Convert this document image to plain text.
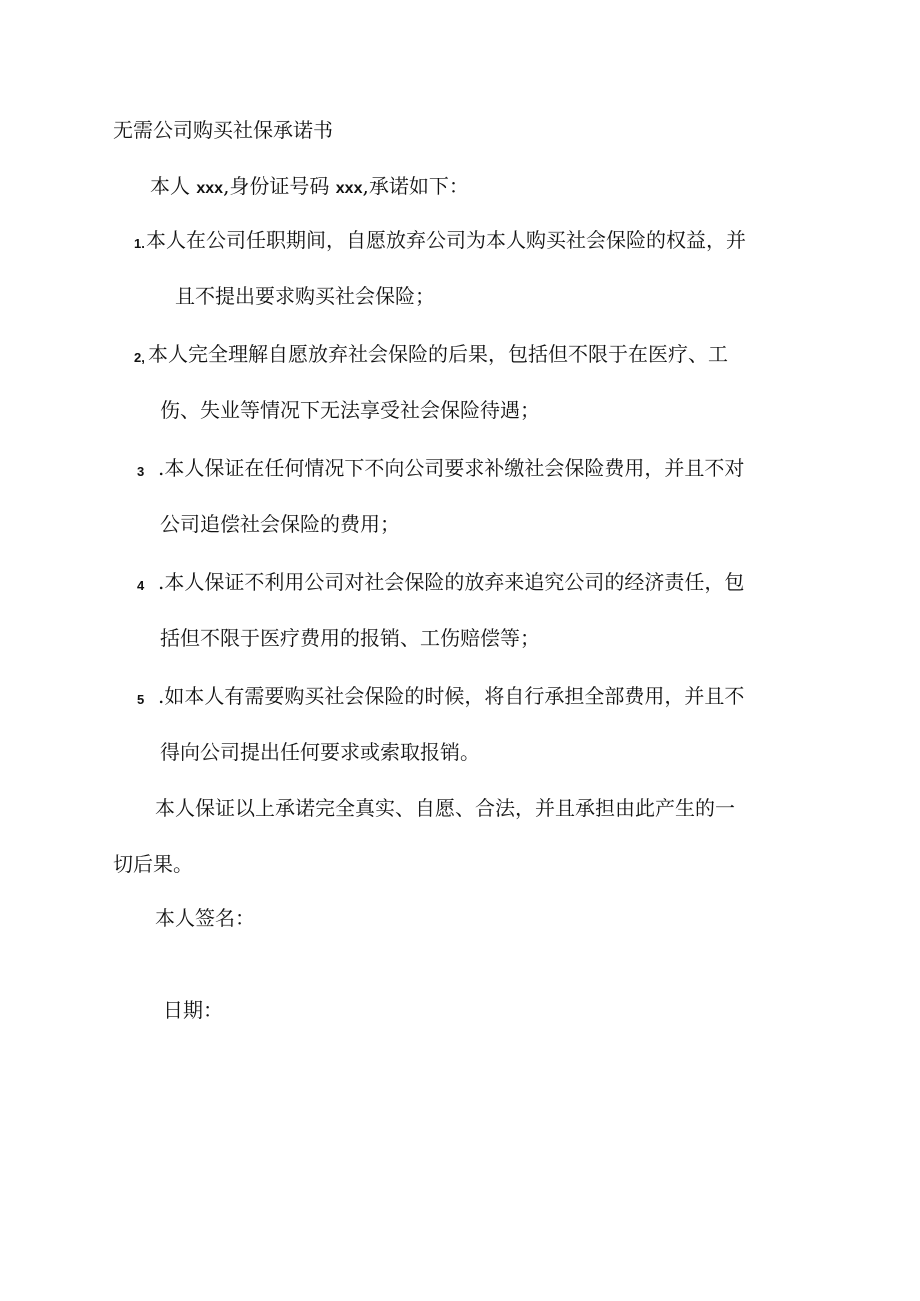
无需公司购买社保承诺书
本人 xxx,身份证号码 xxx,承诺如下：
1. 本人在公司任职期间，自愿放弃公司为本人购买社会保险的权益，并
且不提出要求购买社会保险；
2, 本人完全理解自愿放弃社会保险的后果，包括但不限于在医疗、工
伤、失业等情况下无法享受社会保险待遇；
3 .本人保证在任何情况下不向公司要求补缴社会保险费用，并且不对
公司追偿社会保险的费用；
4 .本人保证不利用公司对社会保险的放弃来追究公司的经济责任，包
括但不限于医疗费用的报销、工伤赔偿等；
5 .如本人有需要购买社会保险的时候，将自行承担全部费用，并且不
得向公司提出任何要求或索取报销。
本人保证以上承诺完全真实、自愿、合法，并且承担由此产生的一
切后果。
本人签名：
日期：
